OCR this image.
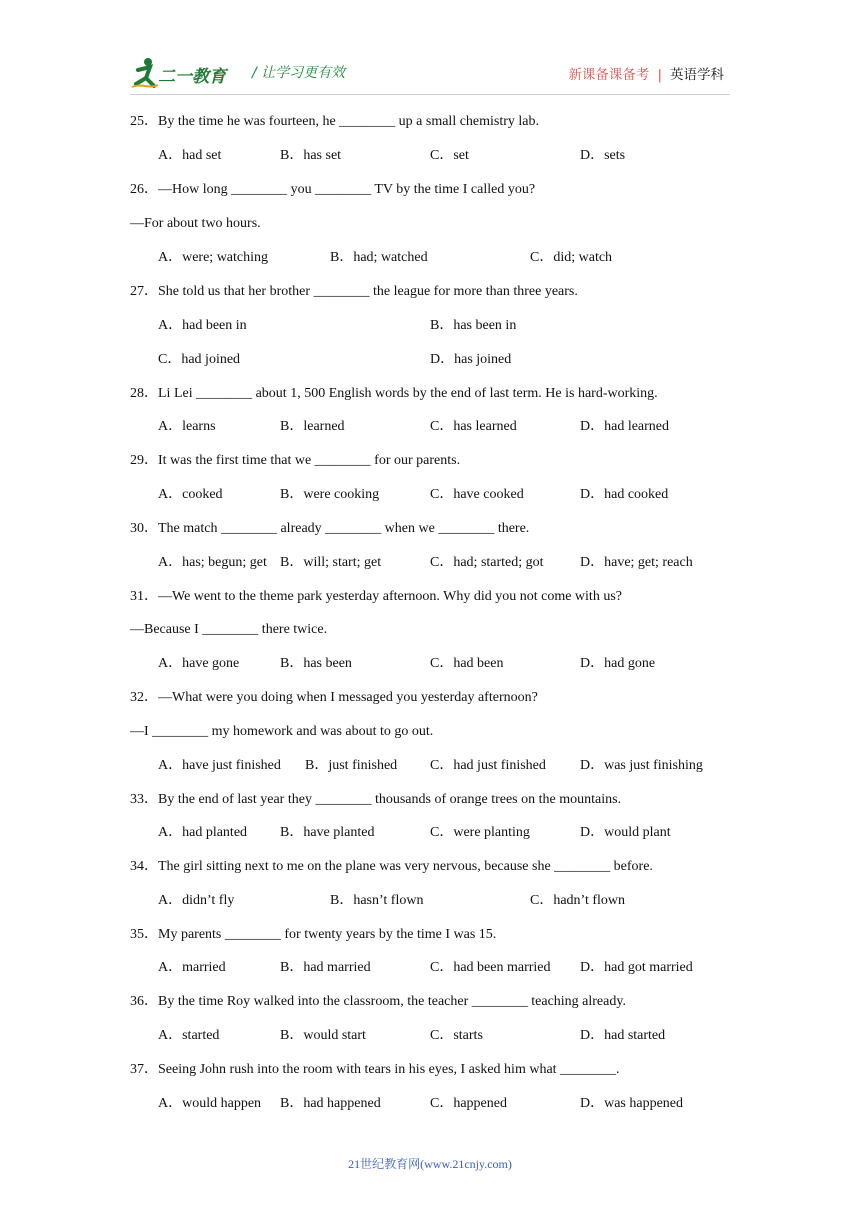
二一教育 / 让学习更有效	新课备课备考 | 英语学科
25．By the time he was fourteen, he ________ up a small chemistry lab.
A．had set	B．has set	C．set	D．sets
26．—How long ________ you ________ TV by the time I called you?
—For about two hours.
A．were; watching	B．had; watched	C．did; watch
27．She told us that her brother ________ the league for more than three years.
A．had been in	B．has been in
C．had joined	D．has joined
28．Li Lei ________ about 1, 500 English words by the end of last term. He is hard-working.
A．learns	B．learned	C．has learned	D．had learned
29．It was the first time that we ________ for our parents.
A．cooked	B．were cooking	C．have cooked	D．had cooked
30．The match ________ already ________ when we ________ there.
A．has; begun; get B．will; start; get	C．had; started; got	D．have; get; reach
31．—We went to the theme park yesterday afternoon. Why did you not come with us?
—Because I ________ there twice.
A．have gone	B．has been	C．had been	D．had gone
32．—What were you doing when I messaged you yesterday afternoon?
—I ________ my homework and was about to go out.
A．have just finished B．just finished C．had just finished D．was just finishing
33．By the end of last year they ________ thousands of orange trees on the mountains.
A．had planted B．have planted	C．were planting	D．would plant
34．The girl sitting next to me on the plane was very nervous, because she ________ before.
A．didn’t fly	B．hasn’t flown	C．hadn’t flown
35．My parents ________ for twenty years by the time I was 15.
A．married	B．had married	C．had been married D．had got married
36．By the time Roy walked into the classroom, the teacher ________ teaching already.
A．started	B．would start	C．starts	D．had started
37．Seeing John rush into the room with tears in his eyes, I asked him what ________.
A．would happen B．had happened	C．happened	D．was happened
21世纪教育网(www.21cnjy.com)
